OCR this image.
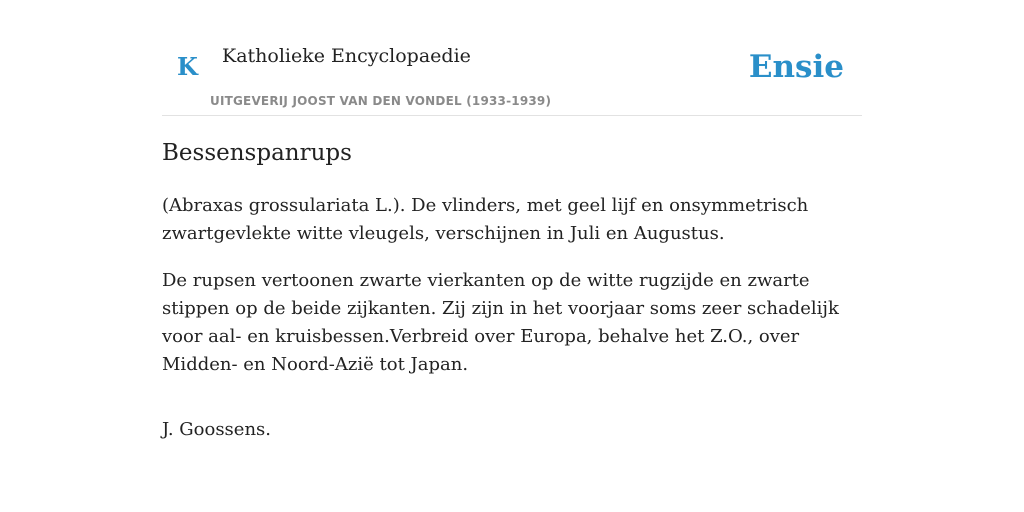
K Katholieke Encyclopaedie
UITGEVERIJ JOOST VAN DEN VONDEL (1933-1939)
Ensie
Bessenspanrups

(Abraxas grossulariata L.). De vlinders, met geel lijf en onsymmetrisch zwartgevlekte witte vleugels, verschijnen in Juli en Augustus.

De rupsen vertoonen zwarte vierkanten op de witte rugzijde en zwarte stippen op de beide zijkanten. Zij zijn in het voorjaar soms zeer schadelijk voor aal- en kruisbessen.Verbreid over Europa, behalve het Z.O., over Midden- en Noord-Azië tot Japan.

J. Goossens.
